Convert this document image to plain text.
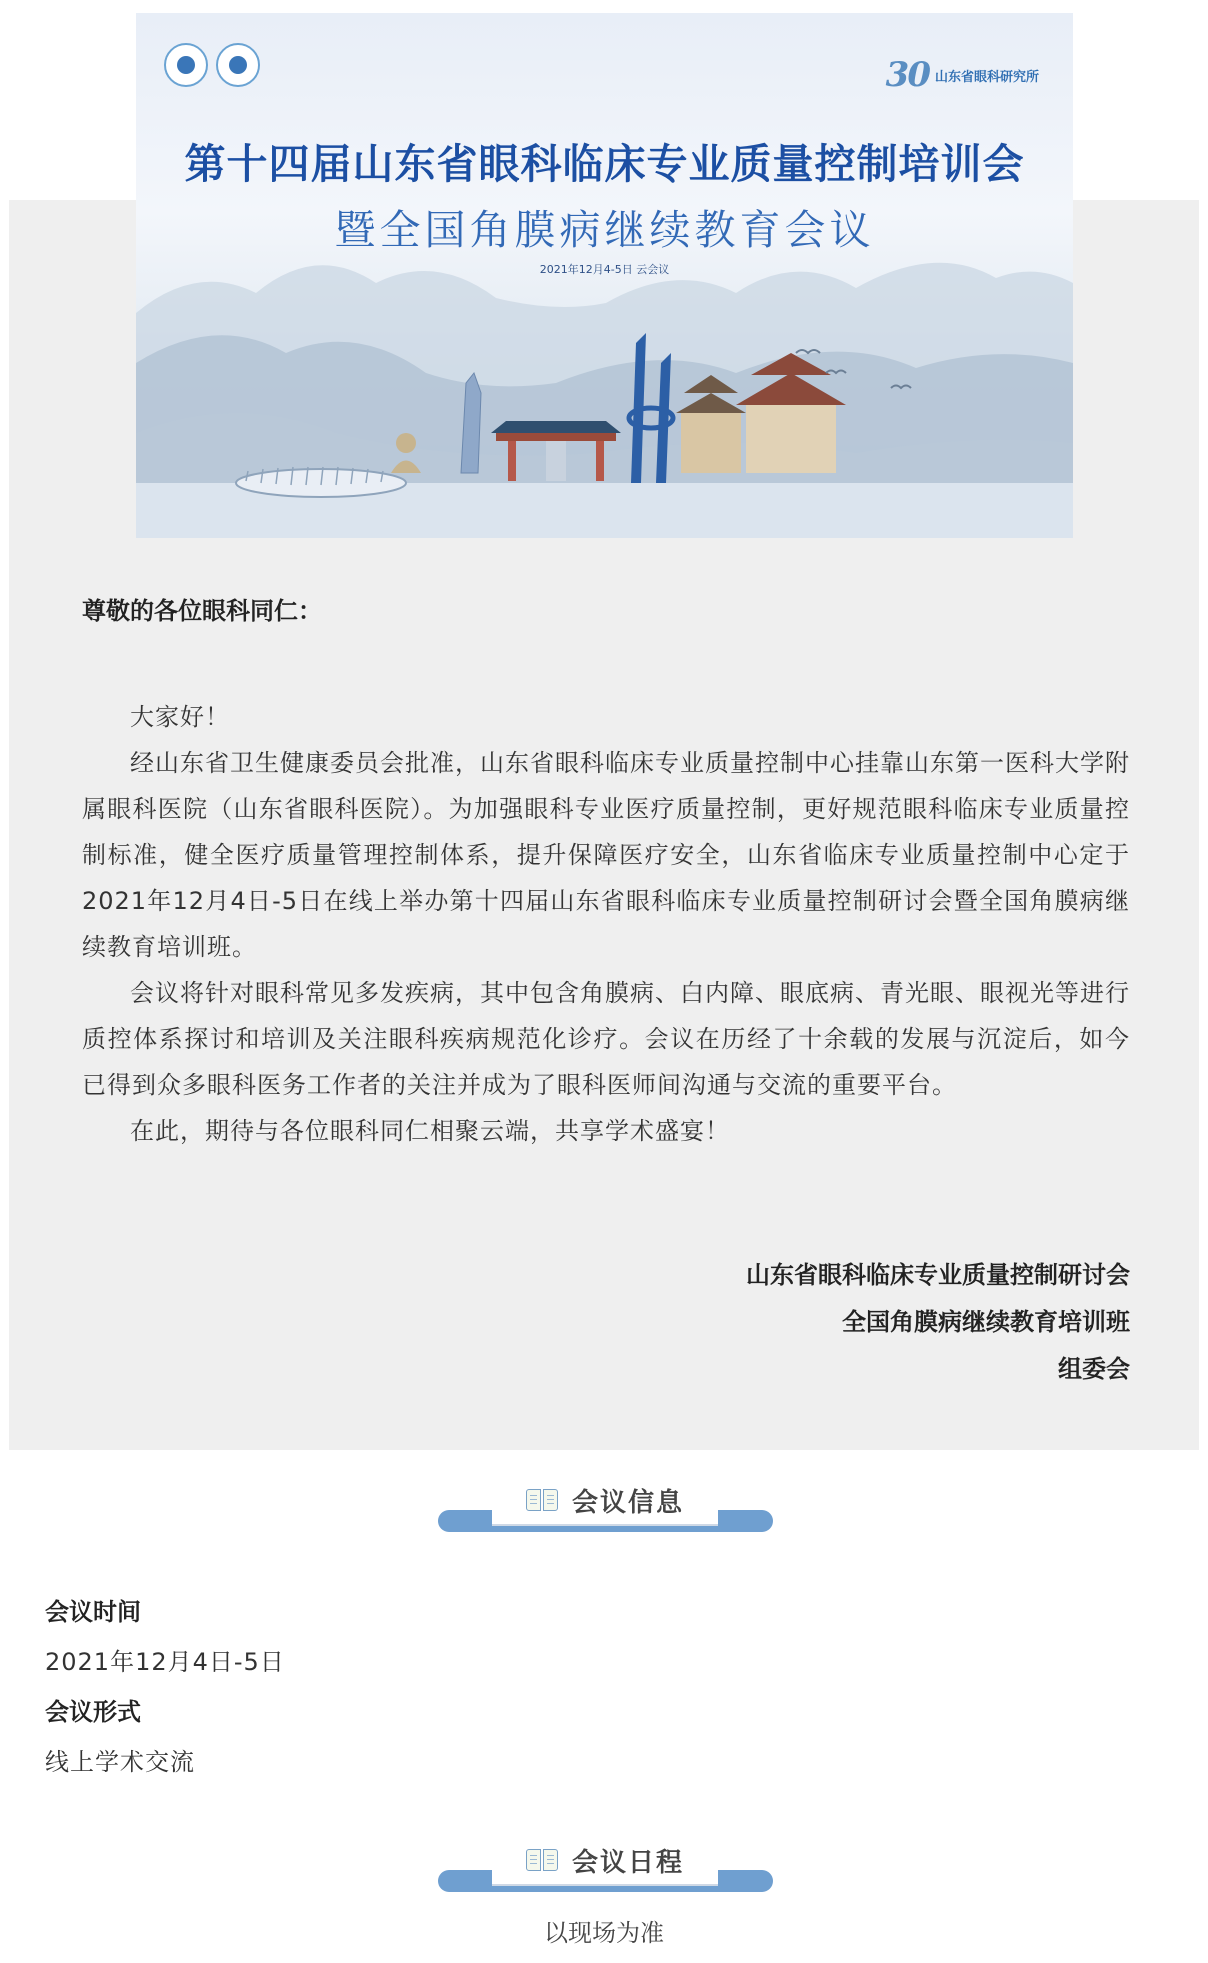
30 山东省眼科研究所
第十四届山东省眼科临床专业质量控制培训会
暨全国角膜病继续教育会议
2021年12月4-5日 云会议
尊敬的各位眼科同仁：

大家好！

经山东省卫生健康委员会批准，山东省眼科临床专业质量控制中心挂靠山东第一医科大学附属眼科医院（山东省眼科医院）。为加强眼科专业医疗质量控制，更好规范眼科临床专业质量控制标准，健全医疗质量管理控制体系，提升保障医疗安全，山东省临床专业质量控制中心定于 2021年12月4日-5日在线上举办第十四届山东省眼科临床专业质量控制研讨会暨全国角膜病继续教育培训班。

会议将针对眼科常见多发疾病，其中包含角膜病、白内障、眼底病、青光眼、眼视光等进行质控体系探讨和培训及关注眼科疾病规范化诊疗。会议在历经了十余载的发展与沉淀后，如今已得到众多眼科医务工作者的关注并成为了眼科医师间沟通与交流的重要平台。

在此，期待与各位眼科同仁相聚云端，共享学术盛宴！

山东省眼科临床专业质量控制研讨会
全国角膜病继续教育培训班
组委会
会议信息
会议时间
2021年12月4日-5日
会议形式
线上学术交流
会议日程
以现场为准
